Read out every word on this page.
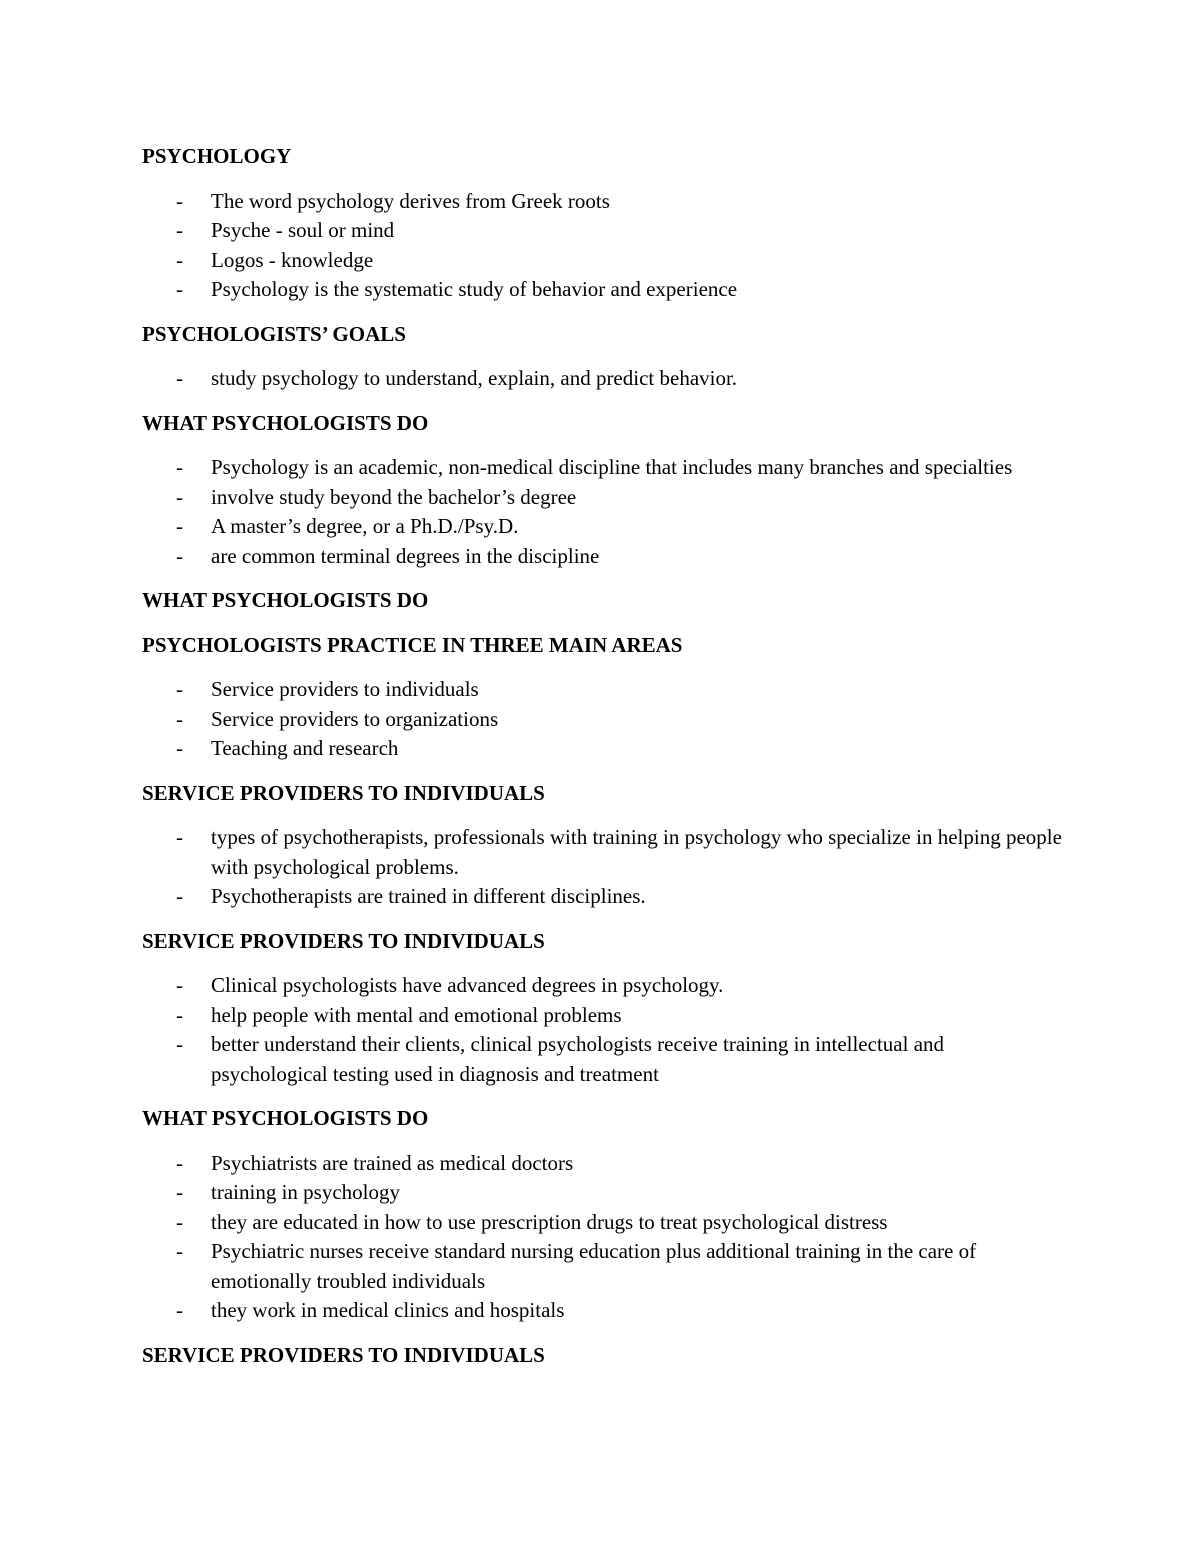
PSYCHOLOGY
- The word psychology derives from Greek roots
- Psyche - soul or mind
- Logos - knowledge
- Psychology is the systematic study of behavior and experience
PSYCHOLOGISTS’ GOALS
- study psychology to understand, explain, and predict behavior.
WHAT PSYCHOLOGISTS DO
- Psychology is an academic, non-medical discipline that includes many branches and specialties
- involve study beyond the bachelor’s degree
- A master’s degree, or a Ph.D./Psy.D.
- are common terminal degrees in the discipline
WHAT PSYCHOLOGISTS DO
PSYCHOLOGISTS PRACTICE IN THREE MAIN AREAS
- Service providers to individuals
- Service providers to organizations
- Teaching and research
SERVICE PROVIDERS TO INDIVIDUALS
- types of psychotherapists, professionals with training in psychology who specialize in helping people with psychological problems.
- Psychotherapists are trained in different disciplines.
SERVICE PROVIDERS TO INDIVIDUALS
- Clinical psychologists have advanced degrees in psychology.
- help people with mental and emotional problems
- better understand their clients, clinical psychologists receive training in intellectual and psychological testing used in diagnosis and treatment
WHAT PSYCHOLOGISTS DO
- Psychiatrists are trained as medical doctors
- training in psychology
- they are educated in how to use prescription drugs to treat psychological distress
- Psychiatric nurses receive standard nursing education plus additional training in the care of emotionally troubled individuals
- they work in medical clinics and hospitals
SERVICE PROVIDERS TO INDIVIDUALS
